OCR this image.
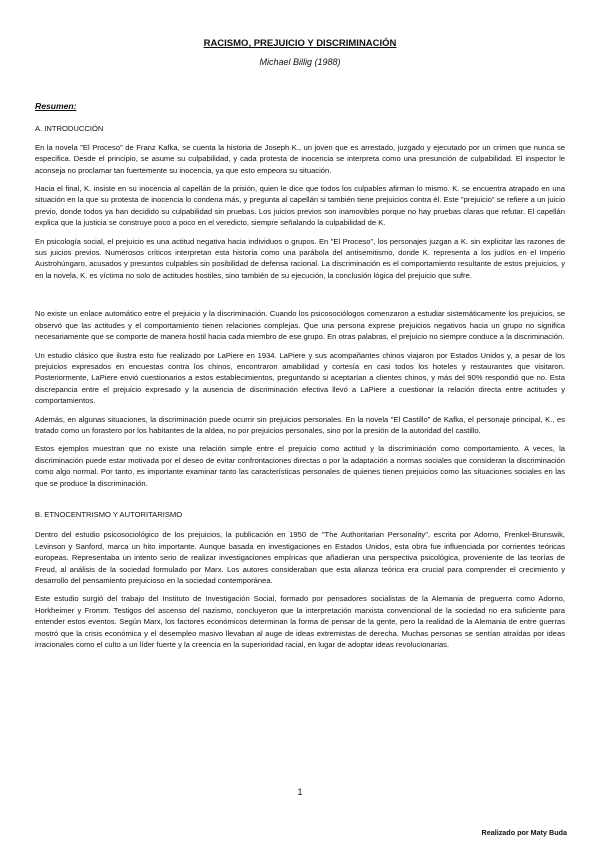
RACISMO, PREJUICIO Y DISCRIMINACIÓN
Michael Billig (1988)
Resumen:
A. INTRODUCCIÓN

En la novela "El Proceso" de Franz Kafka, se cuenta la historia de Joseph K., un joven que es arrestado, juzgado y ejecutado por un crimen que nunca se especifica. Desde el principio, se asume su culpabilidad, y cada protesta de inocencia se interpreta como una presunción de culpabilidad. El inspector le aconseja no proclamar tan fuertemente su inocencia, ya que esto empeora su situación.

Hacia el final, K. insiste en su inocencia al capellán de la prisión, quien le dice que todos los culpables afirman lo mismo. K. se encuentra atrapado en una situación en la que su protesta de inocencia lo condena más, y pregunta al capellán si también tiene prejuicios contra él. Este "prejuicio" se refiere a un juicio previo, donde todos ya han decidido su culpabilidad sin pruebas. Los juicios previos son inamovibles porque no hay pruebas claras que refutar. El capellán explica que la justicia se construye poco a poco en el veredicto, siempre señalando la culpabilidad de K.

En psicología social, el prejuicio es una actitud negativa hacia individuos o grupos. En "El Proceso", los personajes juzgan a K. sin explicitar las razones de sus juicios previos. Numerosos críticos interpretan esta historia como una parábola del antisemitismo, donde K. representa a los judíos en el Imperio Austrohúngaro, acusados y presuntos culpables sin posibilidad de defensa racional. La discriminación es el comportamiento resultante de estos prejuicios, y en la novela, K. es víctima no solo de actitudes hostiles, sino también de su ejecución, la conclusión lógica del prejuicio que sufre.

No existe un enlace automático entre el prejuicio y la discriminación. Cuando los psicosociólogos comenzaron a estudiar sistemáticamente los prejuicios, se observó que las actitudes y el comportamiento tienen relaciones complejas. Que una persona exprese prejuicios negativos hacia un grupo no significa necesariamente que se comporte de manera hostil hacia cada miembro de ese grupo. En otras palabras, el prejuicio no siempre conduce a la discriminación.

Un estudio clásico que ilustra esto fue realizado por LaPiere en 1934. LaPiere y sus acompañantes chinos viajaron por Estados Unidos y, a pesar de los prejuicios expresados en encuestas contra los chinos, encontraron amabilidad y cortesía en casi todos los hoteles y restaurantes que visitaron. Posteriormente, LaPiere envió cuestionarios a estos establecimientos, preguntando si aceptarían a clientes chinos, y más del 90% respondió que no. Esta discrepancia entre el prejuicio expresado y la ausencia de discriminación efectiva llevó a LaPiere a cuestionar la relación directa entre actitudes y comportamientos.

Además, en algunas situaciones, la discriminación puede ocurrir sin prejuicios personales. En la novela "El Castillo" de Kafka, el personaje principal, K., es tratado como un forastero por los habitantes de la aldea, no por prejuicios personales, sino por la presión de la autoridad del castillo.

Estos ejemplos muestran que no existe una relación simple entre el prejuicio como actitud y la discriminación como comportamiento. A veces, la discriminación puede estar motivada por el deseo de evitar confrontaciones directas o por la adaptación a normas sociales que consideran la discriminación como algo normal. Por tanto, es importante examinar tanto las características personales de quienes tienen prejuicios como las situaciones sociales en las que se produce la discriminación.

B. ETNOCENTRISMO Y AUTORITARISMO

Dentro del estudio psicosociológico de los prejuicios, la publicación en 1950 de "The Authoritarian Personality", escrita por Adorno, Frenkel-Brunswik, Levinson y Sanford, marca un hito importante. Aunque basada en investigaciones en Estados Unidos, esta obra fue influenciada por corrientes teóricas europeas. Representaba un intento serio de realizar investigaciones empíricas que añadieran una perspectiva psicológica, proveniente de las teorías de Freud, al análisis de la sociedad formulado por Marx. Los autores consideraban que esta alianza teórica era crucial para comprender el crecimiento y desarrollo del pensamiento prejuicioso en la sociedad contemporánea.

Este estudio surgió del trabajo del Instituto de Investigación Social, formado por pensadores socialistas de la Alemania de preguerra como Adorno, Horkheimer y Fromm. Testigos del ascenso del nazismo, concluyeron que la interpretación marxista convencional de la sociedad no era suficiente para entender estos eventos. Según Marx, los factores económicos determinan la forma de pensar de la gente, pero la realidad de la Alemania de entre guerras mostró que la crisis económica y el desempleo masivo llevaban al auge de ideas extremistas de derecha. Muchas personas se sentían atraídas por ideas irracionales como el culto a un líder fuerte y la creencia en la superioridad racial, en lugar de adoptar ideas revolucionarias.

1
Realizado por Maty Buda
